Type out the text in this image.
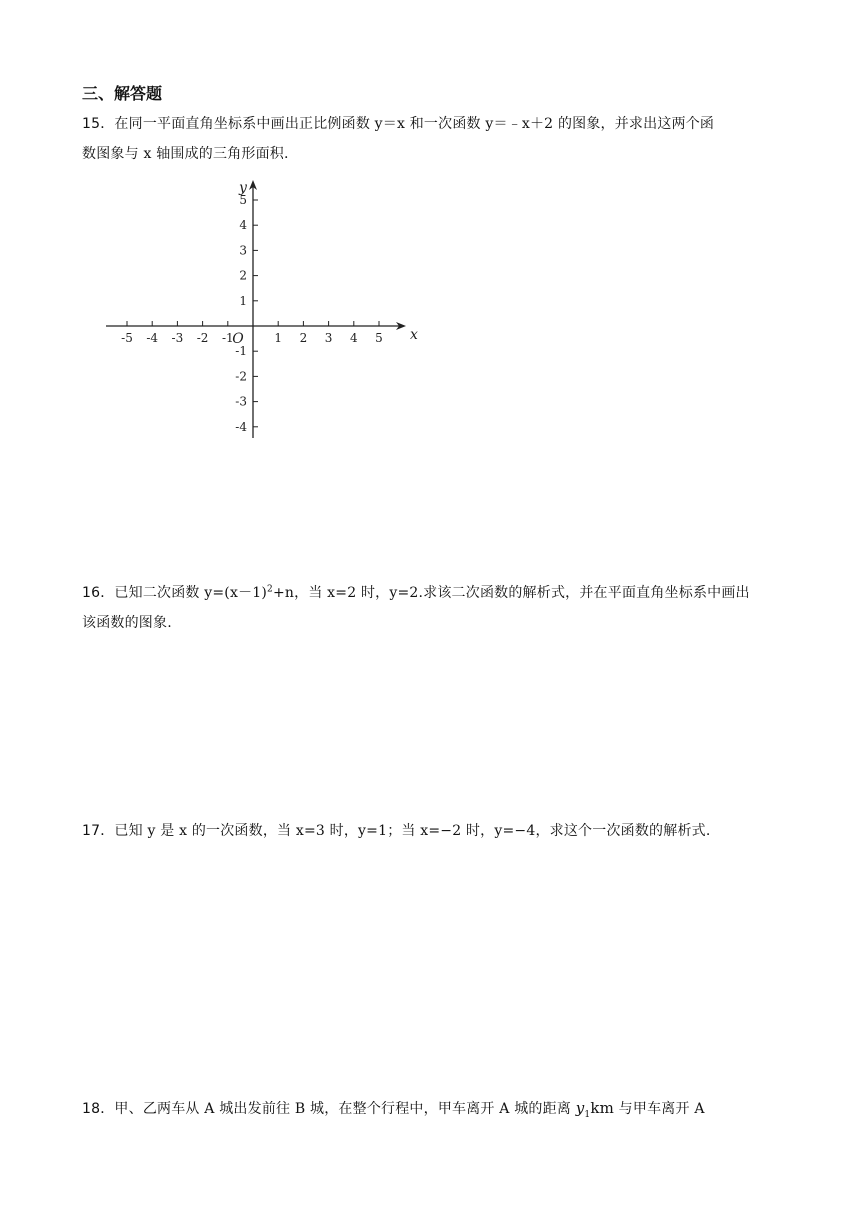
三、解答题
15．在同一平面直角坐标系中画出正比例函数 y＝x 和一次函数 y＝﹣x＋2 的图象，并求出这两个函
数图象与 x 轴围成的三角形面积.
-5 -4 -3 -2 -1	1 2 3 4 5
5
4
3
2
1
-1
-2
-3
-4
O	x
y
16．已知二次函数 $y=(x-1)^2+n$，当 x=2 时，y=2.求该二次函数的解析式，并在平面直角坐标系中画出
该函数的图象.
17．已知 y 是 x 的一次函数，当 x=3 时，y=1；当 x=−2 时，y=−4，求这个一次函数的解析式.
18．甲、乙两车从 A 城出发前往 B 城，在整个行程中，甲车离开 A 城的距离 $y_1km$ 与甲车离开 A
